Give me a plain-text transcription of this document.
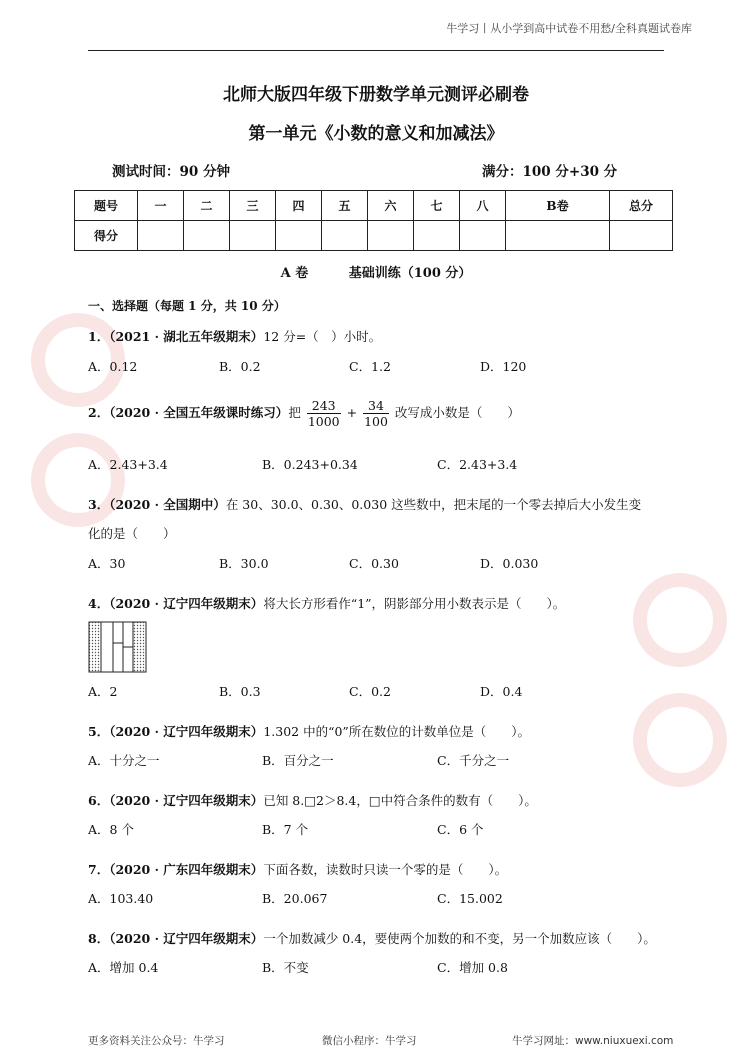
牛学习丨从小学到高中试卷不用愁/全科真题试卷库
北师大版四年级下册数学单元测评必刷卷
第一单元《小数的意义和加减法》
测试时间：90 分钟	满分：100 分+30 分
题号	一	二	三	四	五	六	七	八	B卷	总分
得分										
A 卷	基础训练（100 分）
一、选择题（每题 1 分，共 10 分）
1．（2021 · 湖北五年级期末）12 分=（　）小时。
A．0.12	B．0.2	C．1.2	D．120
2．（2020 · 全国五年级课时练习）把 $\frac{243}{1000} + \frac{34}{100}$ 改写成小数是（　　）
A．2.43+3.4	B．0.243+0.34	C．2.43+3.4
3．（2020 · 全国期中）在 30、30.0、0.30、0.030 这些数中，把末尾的一个零去掉后大小发生变
化的是（　　）
A．30	B．30.0	C．0.30	D．0.030
4．（2020 · 辽宁四年级期末）将大长方形看作“1”，阴影部分用小数表示是（　　）。
A．2	B．0.3	C．0.2	D．0.4
5．（2020 · 辽宁四年级期末）1.302 中的“0”所在数位的计数单位是（　　）。
A．十分之一	B．百分之一	C．千分之一
6．（2020 · 辽宁四年级期末）已知 8.□2＞8.4，□中符合条件的数有（　　）。
A．8 个	B．7 个	C．6 个
7．（2020 · 广东四年级期末）下面各数，读数时只读一个零的是（　　）。
A．103.40	B．20.067	C．15.002
8．（2020 · 辽宁四年级期末）一个加数减少 0.4，要使两个加数的和不变，另一个加数应该（　　）。
A．增加 0.4	B．不变	C．增加 0.8
更多资料关注公众号：牛学习	微信小程序：牛学习	牛学习网址：www.niuxuexi.com
